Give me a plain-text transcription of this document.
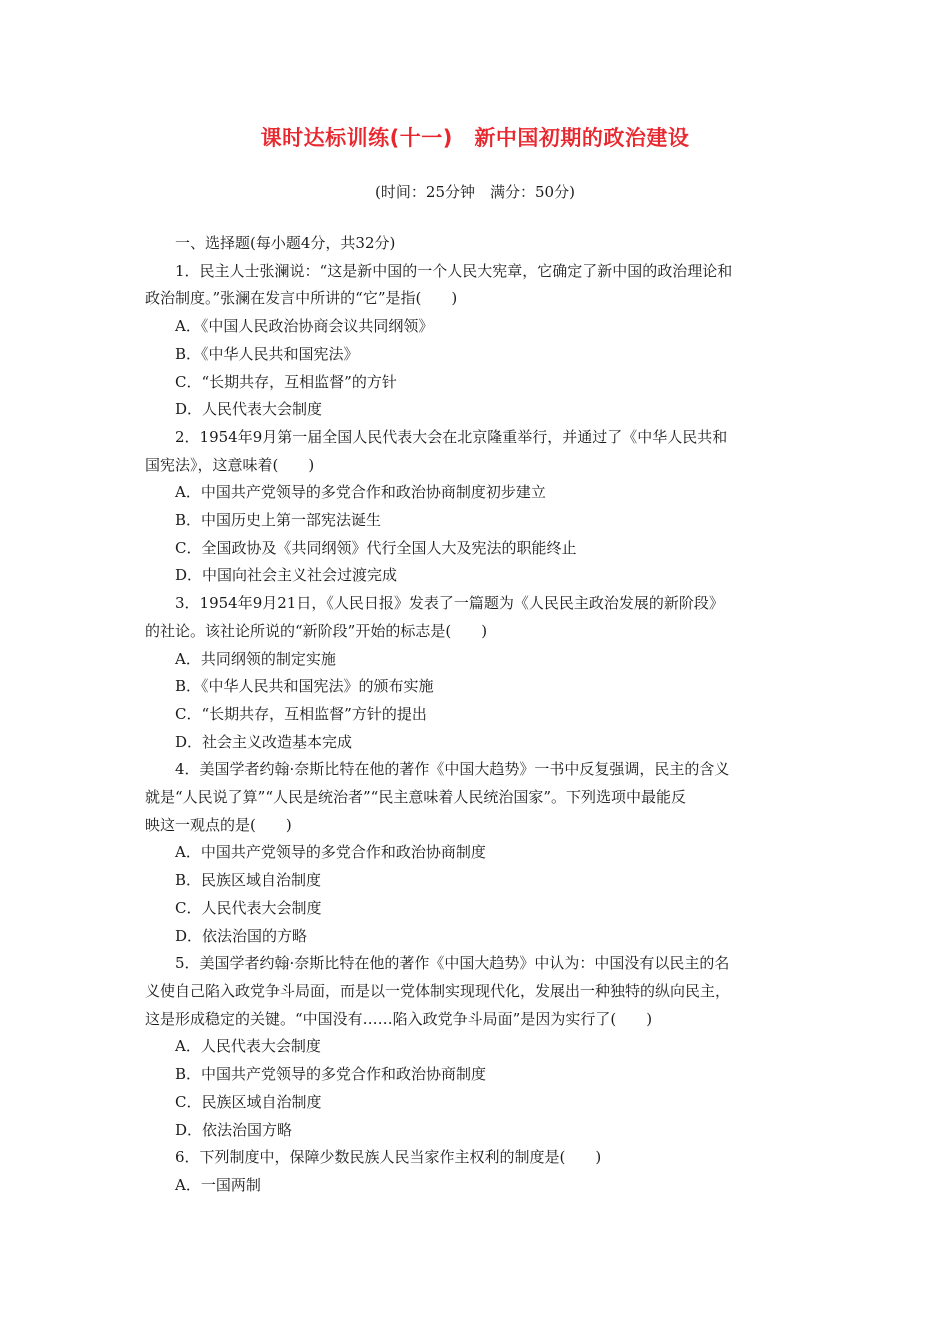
课时达标训练(十一)　新中国初期的政治建设
(时间：25分钟　满分：50分)
一、选择题(每小题4分，共32分)

1．民主人士张澜说：“这是新中国的一个人民大宪章，它确定了新中国的政治理论和

政治制度。”张澜在发言中所讲的“它”是指(　　)

A．《中国人民政治协商会议共同纲领》

B．《中华人民共和国宪法》

C．“长期共存，互相监督”的方针

D．人民代表大会制度

2．1954年9月第一届全国人民代表大会在北京隆重举行，并通过了《中华人民共和

国宪法》，这意味着(　　)

A．中国共产党领导的多党合作和政治协商制度初步建立

B．中国历史上第一部宪法诞生

C．全国政协及《共同纲领》代行全国人大及宪法的职能终止

D．中国向社会主义社会过渡完成

3．1954年9月21日，《人民日报》发表了一篇题为《人民民主政治发展的新阶段》

的社论。该社论所说的“新阶段”开始的标志是(　　)

A．共同纲领的制定实施

B．《中华人民共和国宪法》的颁布实施

C．“长期共存，互相监督”方针的提出

D．社会主义改造基本完成

4．美国学者约翰·奈斯比特在他的著作《中国大趋势》一书中反复强调，民主的含义

就是“人民说了算”“人民是统治者”“民主意味着人民统治国家”。下列选项中最能反

映这一观点的是(　　)

A．中国共产党领导的多党合作和政治协商制度

B．民族区域自治制度

C．人民代表大会制度

D．依法治国的方略

5．美国学者约翰·奈斯比特在他的著作《中国大趋势》中认为：中国没有以民主的名

义使自己陷入政党争斗局面，而是以一党体制实现现代化，发展出一种独特的纵向民主，

这是形成稳定的关键。“中国没有……陷入政党争斗局面”是因为实行了(　　)

A．人民代表大会制度

B．中国共产党领导的多党合作和政治协商制度

C．民族区域自治制度

D．依法治国方略

6．下列制度中，保障少数民族人民当家作主权利的制度是(　　)

A．一国两制
